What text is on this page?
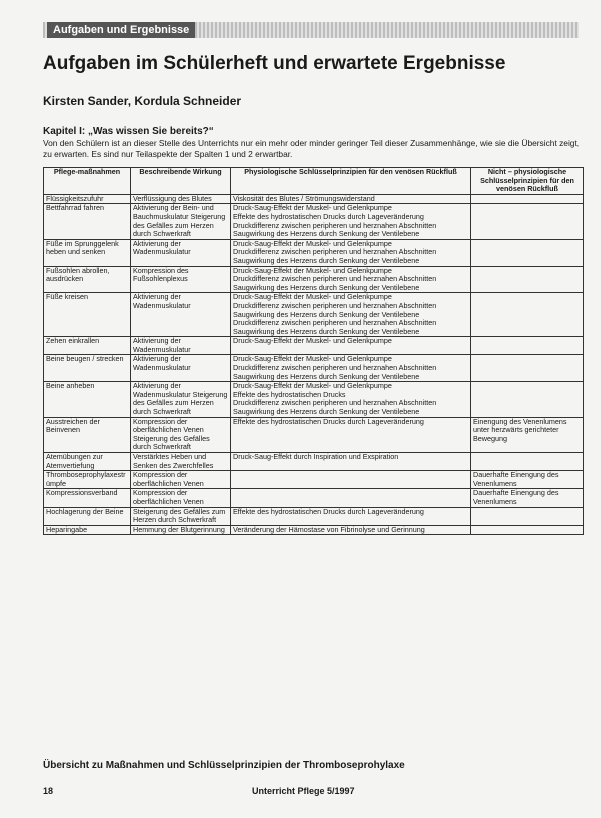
Aufgaben und Ergebnisse
Aufgaben im Schülerheft und erwartete Ergebnisse
Kirsten Sander, Kordula Schneider
Kapitel I: „Was wissen Sie bereits?“

Von den Schülern ist an dieser Stelle des Unterrichts nur ein mehr oder minder geringer Teil dieser Zusammenhänge, wie sie die Übersicht zeigt, zu erwarten. Es sind nur Teilaspekte der Spalten 1 und 2 erwartbar.

Pflege-maßnahmen	Beschreibende Wirkung	Physiologische Schlüsselprinzipien für den venösen Rückfluß	Nicht – physiologische Schlüsselprinzipien für den venösen Rückfluß
Flüssigkeitszufuhr	Verflüssigung des Blutes	Viskosität des Blutes / Strömungswiderstand	

Bettfahrrad fahren	Aktivierung der Bein- und Bauchmuskulatur Steigerung des Gefälles zum Herzen durch Schwerkraft	Druck-Saug-Effekt der Muskel- und Gelenkpumpe
Effekte des hydrostatischen Drucks durch Lageveränderung
Druckdifferenz zwischen peripheren und herznahen Abschnitten
Saugwirkung des Herzens durch Senkung der Ventilebene	

Füße im Sprunggelenk heben und senken	Aktivierung der Wadenmuskulatur	Druck-Saug-Effekt der Muskel- und Gelenkpumpe
Druckdifferenz zwischen peripheren und herznahen Abschnitten
Saugwirkung des Herzens durch Senkung der Ventilebene	

Fußsohlen abrollen, ausdrücken	Kompression des Fußsohlenplexus	Druck-Saug-Effekt der Muskel- und Gelenkpumpe
Druckdifferenz zwischen peripheren und herznahen Abschnitten
Saugwirkung des Herzens durch Senkung der Ventilebene	

Füße kreisen	Aktivierung der Wadenmuskulatur	Druck-Saug-Effekt der Muskel- und Gelenkpumpe
Druckdifferenz zwischen peripheren und herznahen Abschnitten
Saugwirkung des Herzens durch Senkung der Ventilebene
Druckdifferenz zwischen peripheren und herznahen Abschnitten
Saugwirkung des Herzens durch Senkung der Ventilebene	

Zehen einkrallen	Aktivierung der Wadenmuskulatur	Druck-Saug-Effekt der Muskel- und Gelenkpumpe	

Beine beugen / strecken	Aktivierung der Wadenmuskulatur	Druck-Saug-Effekt der Muskel- und Gelenkpumpe
Druckdifferenz zwischen peripheren und herznahen Abschnitten
Saugwirkung des Herzens durch Senkung der Ventilebene	

Beine anheben	Aktivierung der Wadenmuskulatur Steigerung des Gefälles zum Herzen durch Schwerkraft	Druck-Saug-Effekt der Muskel- und Gelenkpumpe
Effekte des hydrostatischen Drucks
Druckdifferenz zwischen peripheren und herznahen Abschnitten
Saugwirkung des Herzens durch Senkung der Ventilebene	

Ausstreichen der Beinvenen	Kompression der oberflächlichen Venen Steigerung des Gefälles durch Schwerkraft	Effekte des hydrostatischen Drucks durch Lageveränderung	Einengung des Venenlumens unter herzwärts gerichteter Bewegung
Atemübungen zur Atemvertiefung	Verstärktes Heben und Senken des Zwerchfelles	Druck-Saug-Effekt durch Inspiration und Exspiration	

Thromboseprophylaxestrümpfe	Kompression der oberflächlichen Venen		Dauerhafte Einengung des Venenlumens
Kompressionsverband	Kompression der oberflächlichen Venen		Dauerhafte Einengung des Venenlumens
Hochlagerung der Beine	Steigerung des Gefälles zum Herzen durch Schwerkraft	Effekte des hydrostatischen Drucks durch Lageveränderung	

Heparingabe	Hemmung der Blutgerinnung	Veränderung der Hämostase von Fibrinolyse und Gerinnung	

Übersicht zu Maßnahmen und Schlüsselprinzipien der Thromboseprohylaxe
18	Unterricht Pflege 5/1997
